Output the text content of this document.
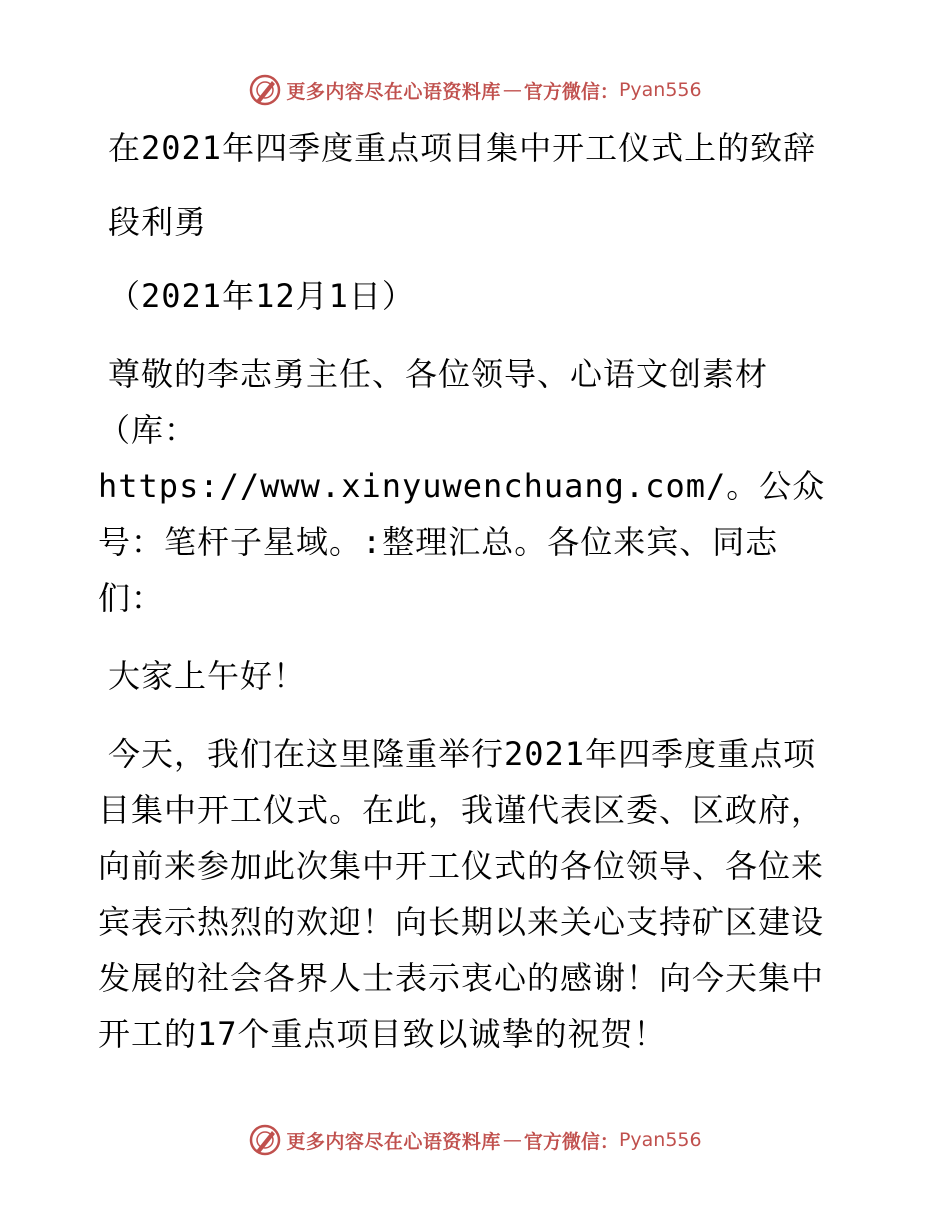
更多内容尽在心语资料库 — 官方微信： Pyan556
在2021年四季度重点项目集中开工仪式上的致辞
段利勇
（2021年12月1日）
尊敬的李志勇主任、各位领导、心语文创素材
（库：https://www.xinyuwenchuang.com/。公众
号：笔杆子星域。:整理汇总。各位来宾、同志
们：
大家上午好！
今天，我们在这里隆重举行2021年四季度重点项
目集中开工仪式。在此，我谨代表区委、区政府，
向前来参加此次集中开工仪式的各位领导、各位来
宾表示热烈的欢迎！向长期以来关心支持矿区建设
发展的社会各界人士表示衷心的感谢！向今天集中
开工的17个重点项目致以诚挚的祝贺！
更多内容尽在心语资料库 — 官方微信： Pyan556
